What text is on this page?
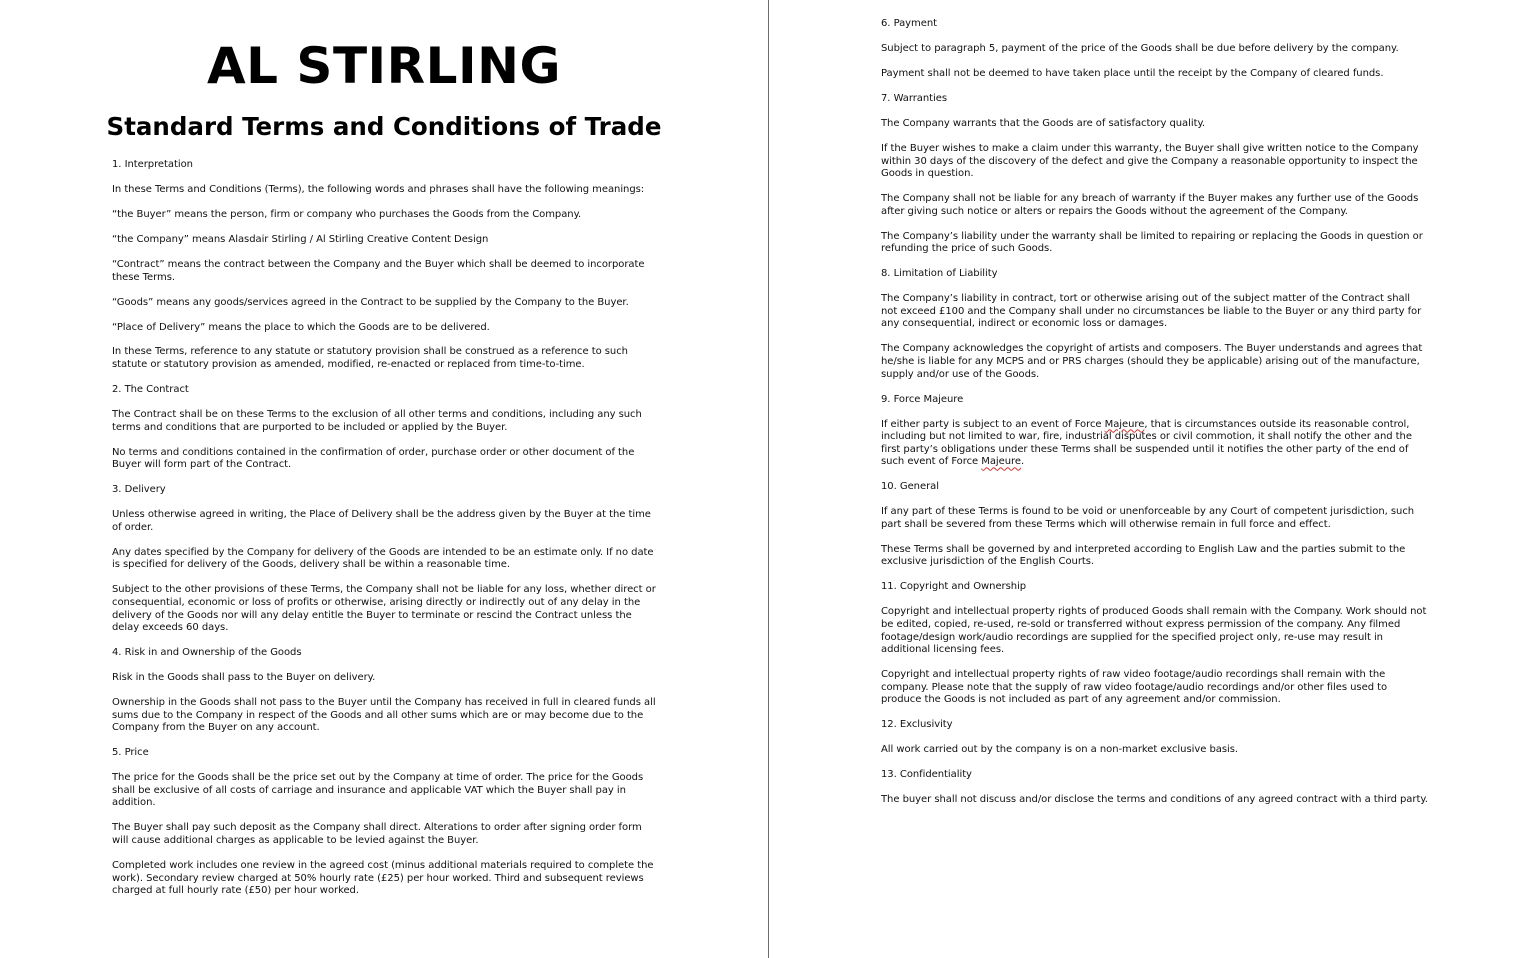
AL STIRLING
Standard Terms and Conditions of Trade
1. Interpretation
In these Terms and Conditions (Terms), the following words and phrases shall have the following meanings:
“the Buyer” means the person, firm or company who purchases the Goods from the Company.
“the Company” means Alasdair Stirling / Al Stirling Creative Content Design
“Contract” means the contract between the Company and the Buyer which shall be deemed to incorporate these Terms.
“Goods” means any goods/services agreed in the Contract to be supplied by the Company to the Buyer.
“Place of Delivery” means the place to which the Goods are to be delivered.
In these Terms, reference to any statute or statutory provision shall be construed as a reference to such statute or statutory provision as amended, modified, re-enacted or replaced from time-to-time.
2. The Contract
The Contract shall be on these Terms to the exclusion of all other terms and conditions, including any such terms and conditions that are purported to be included or applied by the Buyer.
No terms and conditions contained in the confirmation of order, purchase order or other document of the Buyer will form part of the Contract.
3. Delivery
Unless otherwise agreed in writing, the Place of Delivery shall be the address given by the Buyer at the time of order.
Any dates specified by the Company for delivery of the Goods are intended to be an estimate only. If no date is specified for delivery of the Goods, delivery shall be within a reasonable time.
Subject to the other provisions of these Terms, the Company shall not be liable for any loss, whether direct or consequential, economic or loss of profits or otherwise, arising directly or indirectly out of any delay in the delivery of the Goods nor will any delay entitle the Buyer to terminate or rescind the Contract unless the delay exceeds 60 days.
4. Risk in and Ownership of the Goods
Risk in the Goods shall pass to the Buyer on delivery.
Ownership in the Goods shall not pass to the Buyer until the Company has received in full in cleared funds all sums due to the Company in respect of the Goods and all other sums which are or may become due to the Company from the Buyer on any account.
5. Price
The price for the Goods shall be the price set out by the Company at time of order. The price for the Goods shall be exclusive of all costs of carriage and insurance and applicable VAT which the Buyer shall pay in addition.
The Buyer shall pay such deposit as the Company shall direct. Alterations to order after signing order form will cause additional charges as applicable to be levied against the Buyer.
Completed work includes one review in the agreed cost (minus additional materials required to complete the work). Secondary review charged at 50% hourly rate (£25) per hour worked. Third and subsequent reviews charged at full hourly rate (£50) per hour worked.
6. Payment
Subject to paragraph 5, payment of the price of the Goods shall be due before delivery by the company.
Payment shall not be deemed to have taken place until the receipt by the Company of cleared funds.
7. Warranties
The Company warrants that the Goods are of satisfactory quality.
If the Buyer wishes to make a claim under this warranty, the Buyer shall give written notice to the Company within 30 days of the discovery of the defect and give the Company a reasonable opportunity to inspect the Goods in question.
The Company shall not be liable for any breach of warranty if the Buyer makes any further use of the Goods after giving such notice or alters or repairs the Goods without the agreement of the Company.
The Company’s liability under the warranty shall be limited to repairing or replacing the Goods in question or refunding the price of such Goods.
8. Limitation of Liability
The Company’s liability in contract, tort or otherwise arising out of the subject matter of the Contract shall not exceed £100 and the Company shall under no circumstances be liable to the Buyer or any third party for any consequential, indirect or economic loss or damages.
The Company acknowledges the copyright of artists and composers. The Buyer understands and agrees that he/she is liable for any MCPS and or PRS charges (should they be applicable) arising out of the manufacture, supply and/or use of the Goods.
9. Force Majeure
If either party is subject to an event of Force Majeure, that is circumstances outside its reasonable control, including but not limited to war, fire, industrial disputes or civil commotion, it shall notify the other and the first party’s obligations under these Terms shall be suspended until it notifies the other party of the end of such event of Force Majeure.
10. General
If any part of these Terms is found to be void or unenforceable by any Court of competent jurisdiction, such part shall be severed from these Terms which will otherwise remain in full force and effect.
These Terms shall be governed by and interpreted according to English Law and the parties submit to the exclusive jurisdiction of the English Courts.
11. Copyright and Ownership
Copyright and intellectual property rights of produced Goods shall remain with the Company. Work should not be edited, copied, re-used, re-sold or transferred without express permission of the company. Any filmed footage/design work/audio recordings are supplied for the specified project only, re-use may result in additional licensing fees.
Copyright and intellectual property rights of raw video footage/audio recordings shall remain with the company. Please note that the supply of raw video footage/audio recordings and/or other files used to produce the Goods is not included as part of any agreement and/or commission.
12. Exclusivity
All work carried out by the company is on a non-market exclusive basis.
13. Confidentiality
The buyer shall not discuss and/or disclose the terms and conditions of any agreed contract with a third party.
